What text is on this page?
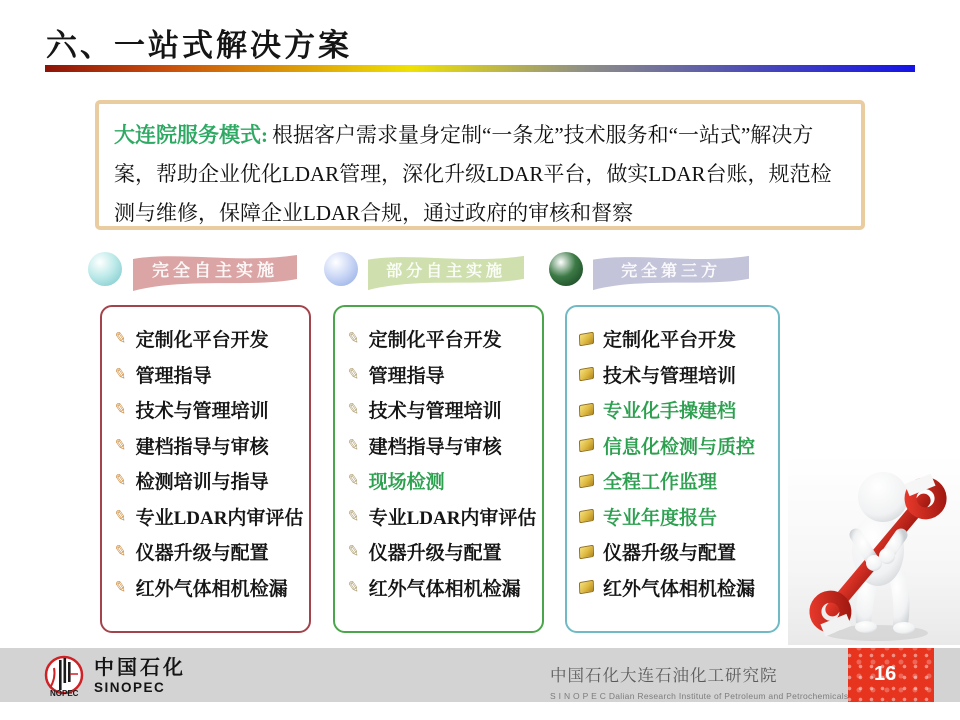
六、一站式解决方案
大连院服务模式: 根据客户需求量身定制“一条龙”技术服务和“一站式”解决方案，帮助企业优化LDAR管理，深化升级LDAR平台，做实LDAR台账，规范检测与维修，保障企业LDAR合规，通过政府的审核和督察
完全自主实施	部分自主实施	完全第三方
✎ 定制化平台开发
✎ 管理指导
✎ 技术与管理培训
✎ 建档指导与审核
✎ 检测培训与指导
✎ 专业LDAR内审评估
✎ 仪器升级与配置
✎ 红外气体相机检漏
✎ 定制化平台开发
✎ 管理指导
✎ 技术与管理培训
✎ 建档指导与审核
✎ 现场检测
✎ 专业LDAR内审评估
✎ 仪器升级与配置
✎ 红外气体相机检漏
定制化平台开发
技术与管理培训
专业化手操建档
信息化检测与质控
全程工作监理
专业年度报告
仪器升级与配置
红外气体相机检漏
NOPEC
中国石化
SINOPEC
中国石化大连石油化工研究院
S I N O P E C Dalian Research Institute of Petroleum and Petrochemicals
16
